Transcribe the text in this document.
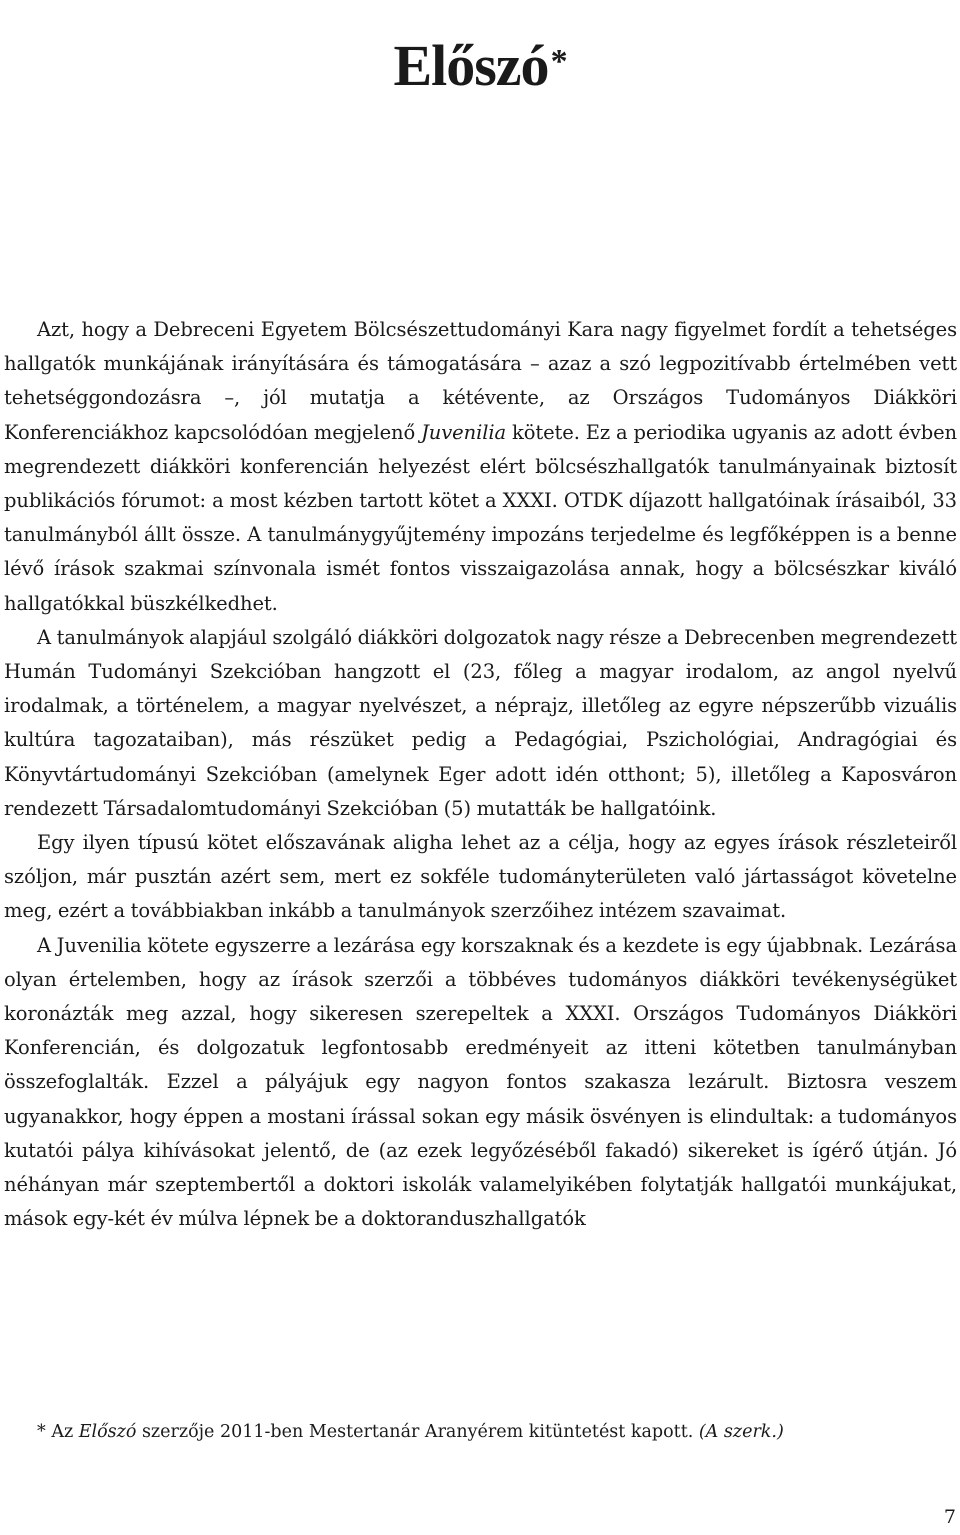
Előszó*

Azt, hogy a Debreceni Egyetem Bölcsészettudományi Kara nagy figyelmet fordít a tehetséges hallgatók munkájának irányítására és támogatására – azaz a szó legpozitívabb értelmében vett tehetséggondozásra –, jól mutatja a kétévente, az Országos Tudományos Diákköri Konferenciákhoz kapcsolódóan megjelenő Juvenilia kötete. Ez a periodika ugyanis az adott évben megrendezett diákköri konferencián helyezést elért bölcsészhallgatók tanulmányainak biztosít publikációs fórumot: a most kézben tartott kötet a XXXI. OTDK díjazott hallgatóinak írásaiból, 33 tanulmányból állt össze. A tanulmánygyűjtemény impozáns terjedelme és legfőképpen is a benne lévő írások szakmai színvonala ismét fontos visszaigazolása annak, hogy a bölcsészkar kiváló hallgatókkal büszkélkedhet.

A tanulmányok alapjául szolgáló diákköri dolgozatok nagy része a Debrecenben megrendezett Humán Tudományi Szekcióban hangzott el (23, főleg a magyar irodalom, az angol nyelvű irodalmak, a történelem, a magyar nyelvészet, a néprajz, illetőleg az egyre népszerűbb vizuális kultúra tagozataiban), más részüket pedig a Pedagógiai, Pszichológiai, Andragógiai és Könyvtártudományi Szekcióban (amelynek Eger adott idén otthont; 5), illetőleg a Kaposváron rendezett Társadalomtudományi Szekcióban (5) mutatták be hallgatóink.

Egy ilyen típusú kötet előszavának aligha lehet az a célja, hogy az egyes írások részleteiről szóljon, már pusztán azért sem, mert ez sokféle tudományterületen való jártasságot követelne meg, ezért a továbbiakban inkább a tanulmányok szerzőihez intézem szavaimat.

A Juvenilia kötete egyszerre a lezárása egy korszaknak és a kezdete is egy újabbnak. Lezárása olyan értelemben, hogy az írások szerzői a többéves tudományos diákköri tevékenységüket koronázták meg azzal, hogy sikeresen szerepeltek a XXXI. Országos Tudományos Diákköri Konferencián, és dolgozatuk legfontosabb eredményeit az itteni kötetben tanulmányban összefoglalták. Ezzel a pályájuk egy nagyon fontos szakasza lezárult. Biztosra veszem ugyanakkor, hogy éppen a mostani írással sokan egy másik ösvényen is elindultak: a tudományos kutatói pálya kihívásokat jelentő, de (az ezek legyőzéséből fakadó) sikereket is ígérő útján. Jó néhányan már szeptembertől a doktori iskolák valamelyikében folytatják hallgatói munkájukat, mások egy-két év múlva lépnek be a doktoranduszhallgatók

* Az Előszó szerzője 2011-ben Mestertanár Aranyérem kitüntetést kapott. (A szerk.)
7
